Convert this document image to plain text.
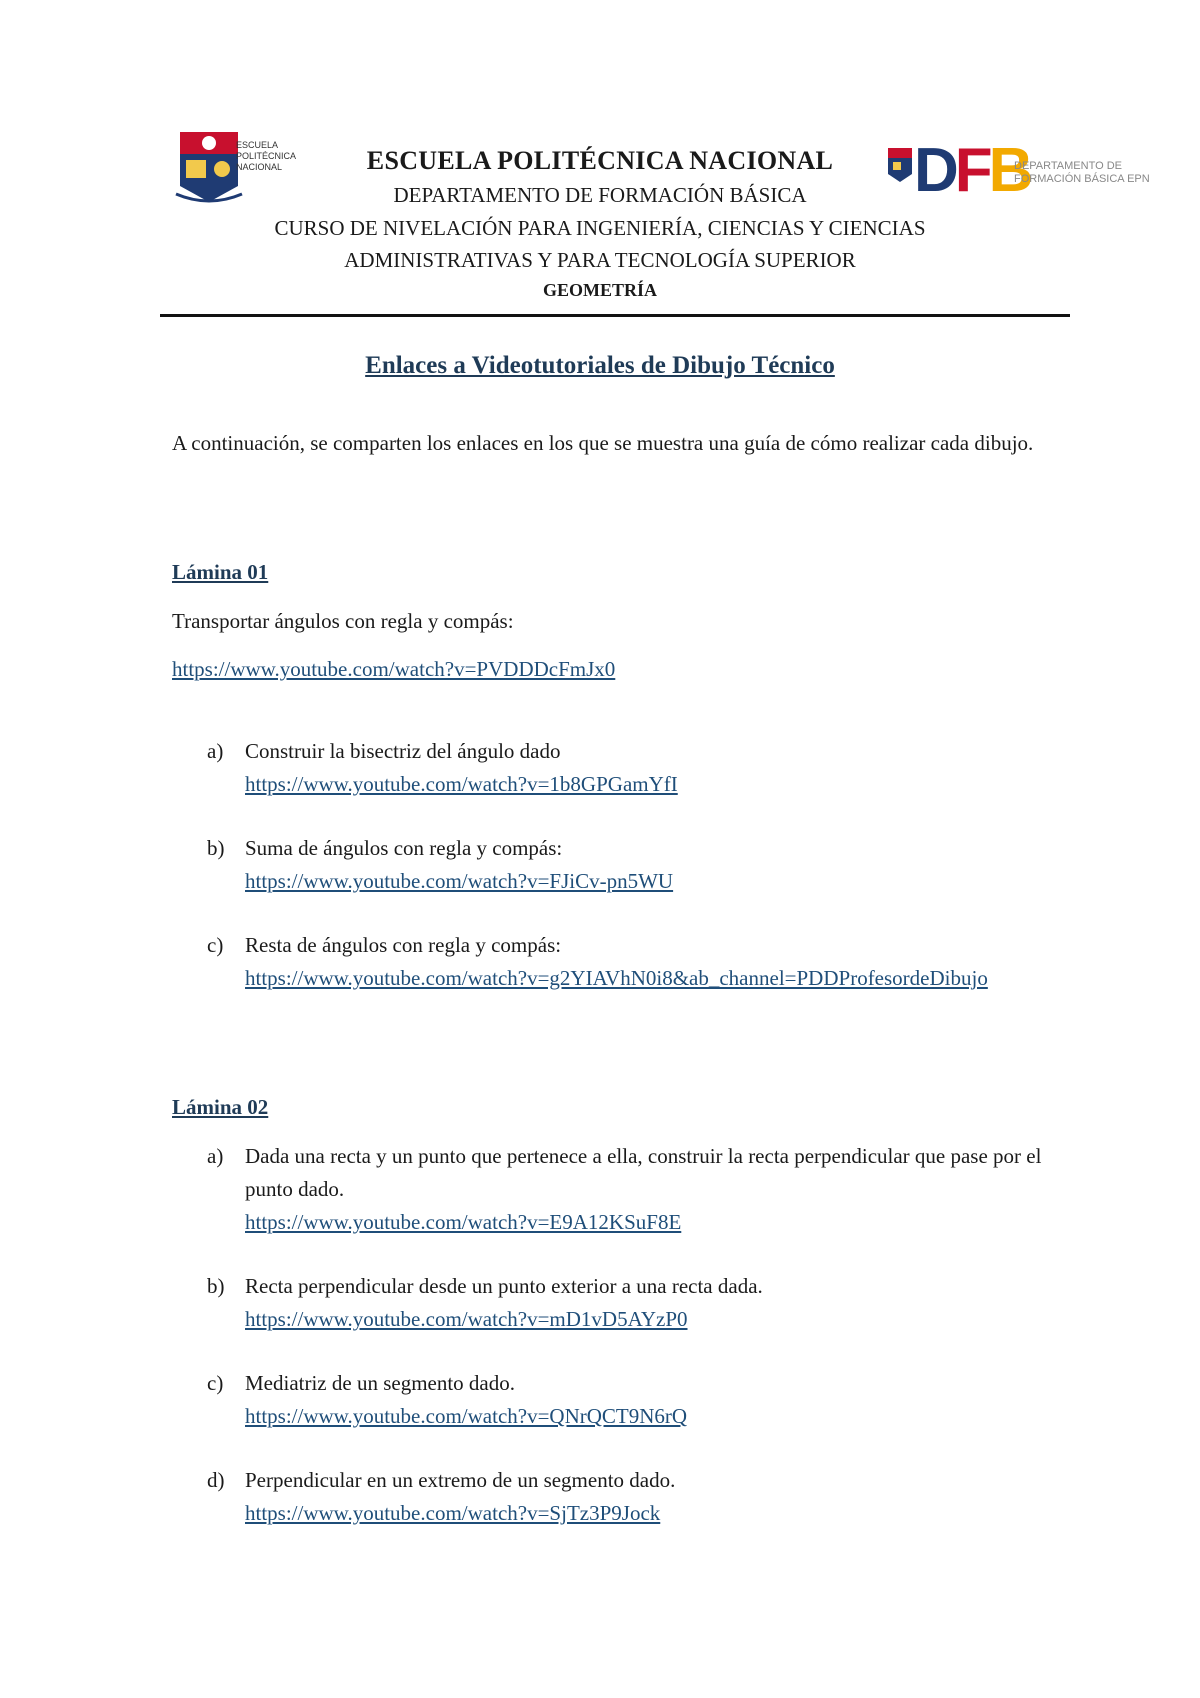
ESCUELA POLITÉCNICA NACIONAL	ESCUELA POLITÉCNICA NACIONAL
DEPARTAMENTO DE FORMACIÓN BÁSICA	DFB
DEPARTAMENTO DE FORMACIÓN BÁSICA EPN
CURSO DE NIVELACIÓN PARA INGENIERÍA, CIENCIAS Y CIENCIAS
ADMINISTRATIVAS Y PARA TECNOLOGÍA SUPERIOR
GEOMETRÍA
Enlaces a Videotutoriales de Dibujo Técnico
A continuación, se comparten los enlaces en los que se muestra una guía de cómo realizar cada dibujo.
Lámina 01
Transportar ángulos con regla y compás:
https://www.youtube.com/watch?v=PVDDDcFmJx0
a)	Construir la bisectriz del ángulo dado
https://www.youtube.com/watch?v=1b8GPGamYfI
b) Suma de ángulos con regla y compás:
https://www.youtube.com/watch?v=FJiCv-pn5WU
c)	Resta de ángulos con regla y compás:
https://www.youtube.com/watch?v=g2YIAVhN0i8&ab_channel=PDDProfesordeDibujo
Lámina 02
a)	Dada una recta y un punto que pertenece a ella, construir la recta perpendicular que pase por el punto dado.
https://www.youtube.com/watch?v=E9A12KSuF8E
b) Recta perpendicular desde un punto exterior a una recta dada.
https://www.youtube.com/watch?v=mD1vD5AYzP0
c)	Mediatriz de un segmento dado.
https://www.youtube.com/watch?v=QNrQCT9N6rQ
d) Perpendicular en un extremo de un segmento dado.
https://www.youtube.com/watch?v=SjTz3P9Jock
